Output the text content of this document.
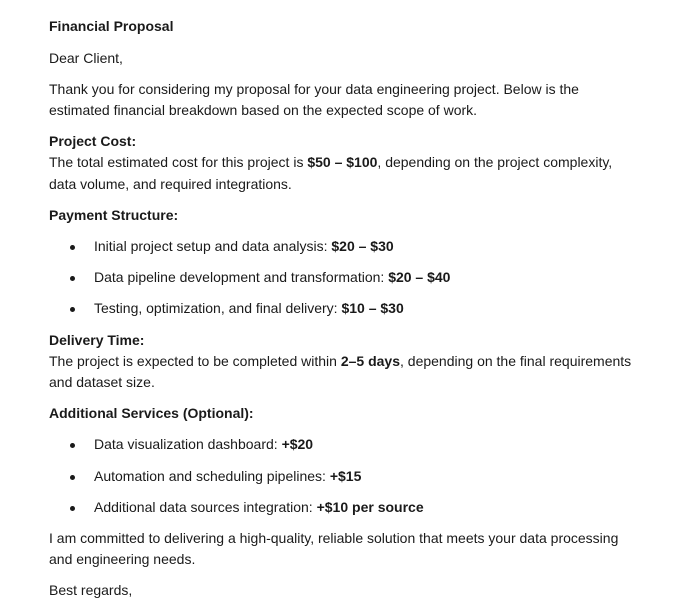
Financial Proposal
Dear Client,
Thank you for considering my proposal for your data engineering project. Below is the
estimated financial breakdown based on the expected scope of work.
Project Cost:
The total estimated cost for this project is $50 – $100, depending on the project complexity,
data volume, and required integrations.
Payment Structure:
Initial project setup and data analysis: $20 – $30
Data pipeline development and transformation: $20 – $40
Testing, optimization, and final delivery: $10 – $30
Delivery Time:
The project is expected to be completed within 2–5 days, depending on the final requirements
and dataset size.
Additional Services (Optional):
Data visualization dashboard: +$20
Automation and scheduling pipelines: +$15
Additional data sources integration: +$10 per source
I am committed to delivering a high-quality, reliable solution that meets your data processing
and engineering needs.
Best regards,
